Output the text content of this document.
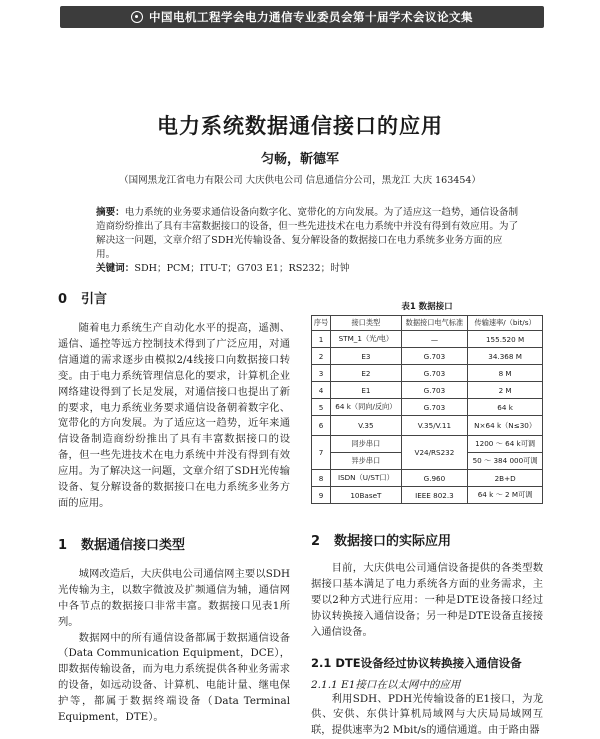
中国电机工程学会电力通信专业委员会第十届学术会议论文集
电力系统数据通信接口的应用
匀畅，靳德军
（国网黑龙江省电力有限公司 大庆供电公司 信息通信分公司，黑龙江 大庆 163454）
摘要：电力系统的业务要求通信设备向数字化、宽带化的方向发展。为了适应这一趋势，通信设备制造商纷纷推出了具有丰富数据接口的设备，但一些先进技术在电力系统中并没有得到有效应用。为了解决这一问题，文章介绍了SDH光传输设备、复分解设备的数据接口在电力系统多业务方面的应用。
关键词：SDH；PCM；ITU-T；G703 E1；RS232；时钟
0 引言

随着电力系统生产自动化水平的提高，遥测、遥信、遥控等远方控制技术得到了广泛应用，对通信通道的需求逐步由模拟2/4线接口向数据接口转变。由于电力系统管理信息化的要求，计算机企业网络建设得到了长足发展，对通信接口也提出了新的要求，电力系统业务要求通信设备朝着数字化、宽带化的方向发展。为了适应这一趋势，近年来通信设备制造商纷纷推出了具有丰富数据接口的设备，但一些先进技术在电力系统中并没有得到有效应用。为了解决这一问题，文章介绍了SDH光传输设备、复分解设备的数据接口在电力系统多业务方面的应用。

1 数据通信接口类型

城网改造后，大庆供电公司通信网主要以SDH光传输为主，以数字微波及扩频通信为辅，通信网中各节点的数据接口非常丰富。数据接口见表1所列。

数据网中的所有通信设备都属于数据通信设备（Data Communication Equipment，DCE），即数据传输设备，而为电力系统提供各种业务需求的设备，如远动设备、计算机、电能计量、继电保护等，都属于数据终端设备（Data Terminal Equipment，DTE）。

表1 数据接口
序号	接口类型	数据接口电气标准	传输速率/（bit/s）
1	STM_1（光/电）	—	155.520 M
2	E3	G.703	34.368 M
3	E2	G.703	8 M
4	E1	G.703	2 M
5	64 k（同向/反向）	G.703	64 k
6	V.35	V.35/V.11	N×64 k（N≤30）
7	同步串口	V24/RS232	1200 ～ 64 k可调
	异步串口		50 ～ 384 000可调
8	ISDN（U/ST口）	G.960	2B+D
9	10BaseT	IEEE 802.3	64 k ～ 2 M可调
2 数据接口的实际应用

目前，大庆供电公司通信设备提供的各类型数据接口基本满足了电力系统各方面的业务需求，主要以2种方式进行应用：一种是DTE设备接口经过协议转换接入通信设备；另一种是DTE设备直接接入通信设备。

2.1 DTE设备经过协议转换接入通信设备
2.1.1 E1接口在以太网中的应用

利用SDH、PDH光传输设备的E1接口，为龙供、安供、东供计算机局域网与大庆局局域网互联，提供速率为2 Mbit/s的通信通道。由于路由器
